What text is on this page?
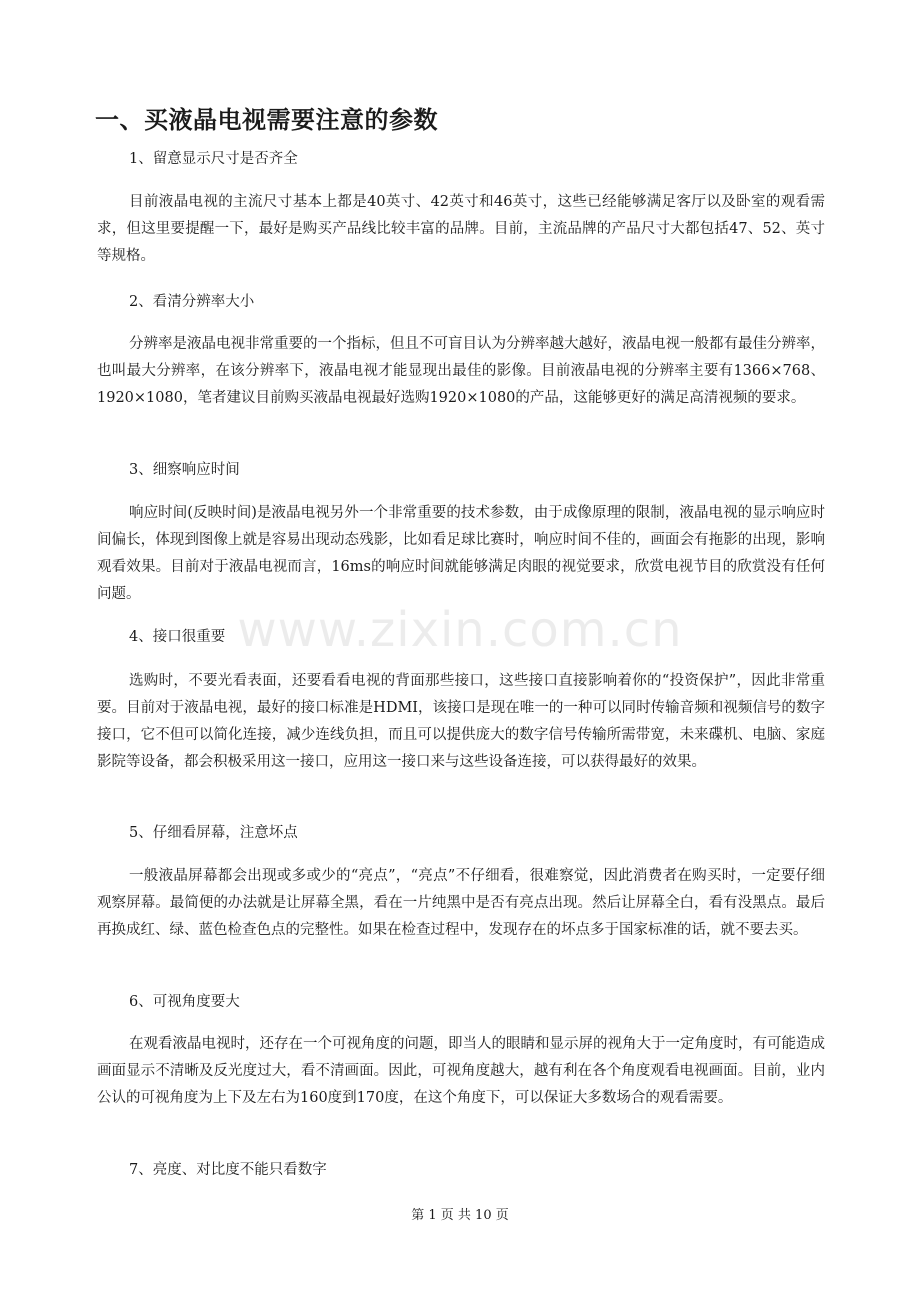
一、买液晶电视需要注意的参数

1、留意显示尺寸是否齐全

目前液晶电视的主流尺寸基本上都是40英寸、42英寸和46英寸，这些已经能够满足客厅以及卧室的观看需求，但这里要提醒一下，最好是购买产品线比较丰富的品牌。目前，主流品牌的产品尺寸大都包括47、52、英寸等规格。

2、看清分辨率大小

分辨率是液晶电视非常重要的一个指标，但且不可盲目认为分辨率越大越好，液晶电视一般都有最佳分辨率，也叫最大分辨率，在该分辨率下，液晶电视才能显现出最佳的影像。目前液晶电视的分辨率主要有1366×768、1920×1080，笔者建议目前购买液晶电视最好选购1920×1080的产品，这能够更好的满足高清视频的要求。

3、细察响应时间

响应时间(反映时间)是液晶电视另外一个非常重要的技术参数，由于成像原理的限制，液晶电视的显示响应时间偏长，体现到图像上就是容易出现动态残影，比如看足球比赛时，响应时间不佳的，画面会有拖影的出现，影响观看效果。目前对于液晶电视而言，16ms的响应时间就能够满足肉眼的视觉要求，欣赏电视节目的欣赏没有任何问题。

4、接口很重要

选购时，不要光看表面，还要看看电视的背面那些接口，这些接口直接影响着你的“投资保护”，因此非常重要。目前对于液晶电视，最好的接口标准是HDMI，该接口是现在唯一的一种可以同时传输音频和视频信号的数字接口，它不但可以简化连接，减少连线负担，而且可以提供庞大的数字信号传输所需带宽，未来碟机、电脑、家庭影院等设备，都会积极采用这一接口，应用这一接口来与这些设备连接，可以获得最好的效果。

5、仔细看屏幕，注意坏点

一般液晶屏幕都会出现或多或少的“亮点”，“亮点”不仔细看，很难察觉，因此消费者在购买时，一定要仔细观察屏幕。最简便的办法就是让屏幕全黑，看在一片纯黑中是否有亮点出现。然后让屏幕全白，看有没黑点。最后再换成红、绿、蓝色检查色点的完整性。如果在检查过程中，发现存在的坏点多于国家标准的话，就不要去买。

6、可视角度要大

在观看液晶电视时，还存在一个可视角度的问题，即当人的眼睛和显示屏的视角大于一定角度时，有可能造成画面显示不清晰及反光度过大，看不清画面。因此，可视角度越大，越有利在各个角度观看电视画面。目前，业内公认的可视角度为上下及左右为160度到170度，在这个角度下，可以保证大多数场合的观看需要。

7、亮度、对比度不能只看数字

www.zixin.com.cn

第 1 页 共 10 页
